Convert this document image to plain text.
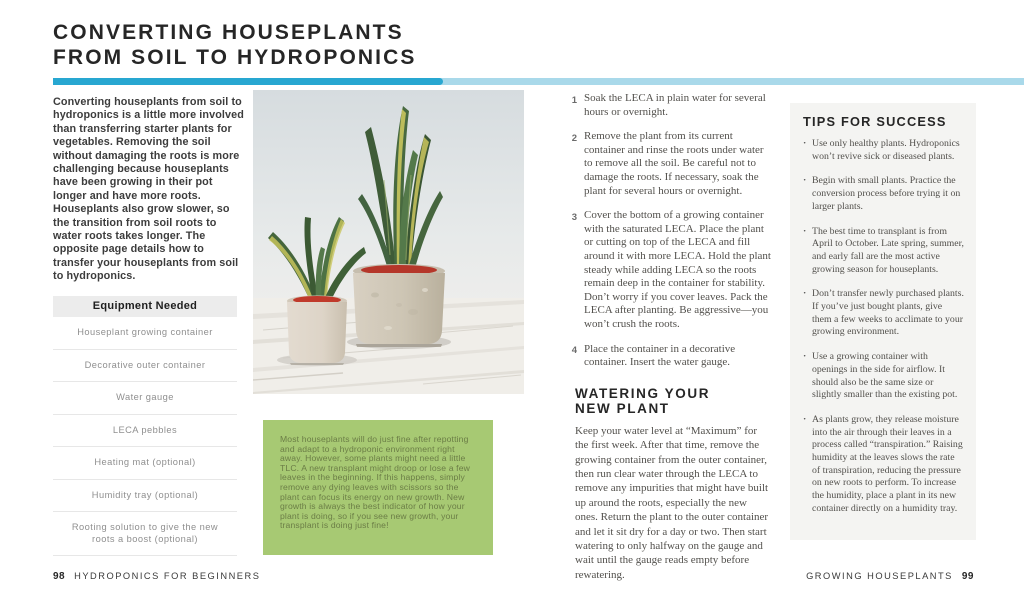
CONVERTING HOUSEPLANTS
FROM SOIL TO HYDROPONICS

Converting houseplants from soil to hydroponics is a little more involved than transferring starter plants for vegetables. Removing the soil without damaging the roots is more challenging because houseplants have been growing in their pot longer and have more roots. Houseplants also grow slower, so the transition from soil roots to water roots takes longer. The opposite page details how to transfer your houseplants from soil to hydroponics.

Equipment Needed
Houseplant growing container
Decorative outer container
Water gauge
LECA pebbles
Heating mat (optional)
Humidity tray (optional)
Rooting solution to give the new roots a boost (optional)
Most houseplants will do just fine after repotting and adapt to a hydroponic environment right away. However, some plants might need a little TLC. A new transplant might droop or lose a few leaves in the beginning. If this happens, simply remove any dying leaves with scissors so the plant can focus its energy on new growth. New growth is always the best indicator of how your plant is doing, so if you see new growth, your transplant is doing just fine!
1 Soak the LECA in plain water for several hours or overnight.
2 Remove the plant from its current container and rinse the roots under water to remove all the soil. Be careful not to damage the roots. If necessary, soak the plant for several hours or overnight.
3 Cover the bottom of a growing container with the saturated LECA. Place the plant or cutting on top of the LECA and fill around it with more LECA. Hold the plant steady while adding LECA so the roots remain deep in the container for stability. Don’t worry if you cover leaves. Pack the LECA after planting. Be aggressive—you won’t crush the roots.
4 Place the container in a decorative container. Insert the water gauge.
WATERING YOUR
NEW PLANT

Keep your water level at “Maximum” for the first week. After that time, remove the growing container from the outer container, then run clear water through the LECA to remove any impurities that might have built up around the roots, especially the new ones. Return the plant to the outer container and let it sit dry for a day or two. Then start watering to only halfway on the gauge and wait until the gauge reads empty before rewatering.

TIPS FOR SUCCESS
· Use only healthy plants. Hydroponics won’t revive sick or diseased plants.
· Begin with small plants. Practice the conversion process before trying it on larger plants.
· The best time to transplant is from April to October. Late spring, summer, and early fall are the most active growing season for houseplants.
· Don’t transfer newly purchased plants. If you’ve just bought plants, give them a few weeks to acclimate to your growing environment.
· Use a growing container with openings in the side for airflow. It should also be the same size or slightly smaller than the existing pot.
· As plants grow, they release moisture into the air through their leaves in a process called “transpiration.” Raising humidity at the leaves slows the rate of transpiration, reducing the pressure on new roots to perform. To increase the humidity, place a plant in its new container directly on a humidity tray.
98 HYDROPONICS FOR BEGINNERS	GROWING HOUSEPLANTS 99
